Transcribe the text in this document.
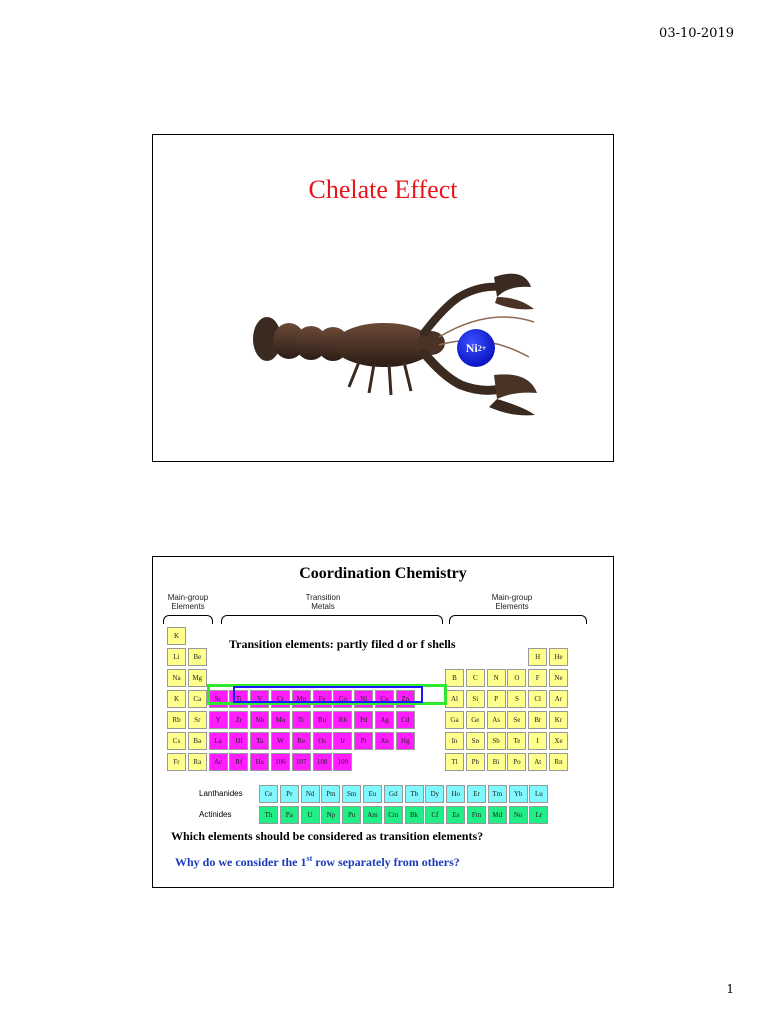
03-10-2019
Chelate Effect
Ni 2+
Coordination Chemistry
Main-group
Elements
Transition
Metals
Main-group
Elements
K
Li	Be
Na	Mg
K	Ca
Rb	Sr
Cs	Ba
Fr	Ra
Sc	Ti	V	Cr	Mn	Fe	Co	Ni	Cu	Zn
Y	Zr	Nb	Mo	Tc	Ru	Rh	Pd	Ag	Cd
La	Hf	Ta	W	Re	Os	Ir	Pt	Au	Hg
Ac	Rf	Ha	106	107	108	109
H	He
B	C	N	O	F	Ne
Al	Si	P	S	Cl	Ar
Ga	Ge	As	Se	Br	Kr
In	Sn	Sb	Te	I	Xe
Tl	Pb	Bi	Po	At	Rn
Ce	Pr	Nd	Pm	Sm	Eu	Gd	Tb	Dy	Ho	Er	Tm	Yb	Lu
Th	Pa	U	Np	Pu	Am	Cm	Bk	Cf	Es	Fm	Md	No	Lr
Transition elements: partly filed d or f shells
Lanthanides
Actinides
Which elements should be considered as transition elements?
Why do we consider the 1st row separately from others?
1
